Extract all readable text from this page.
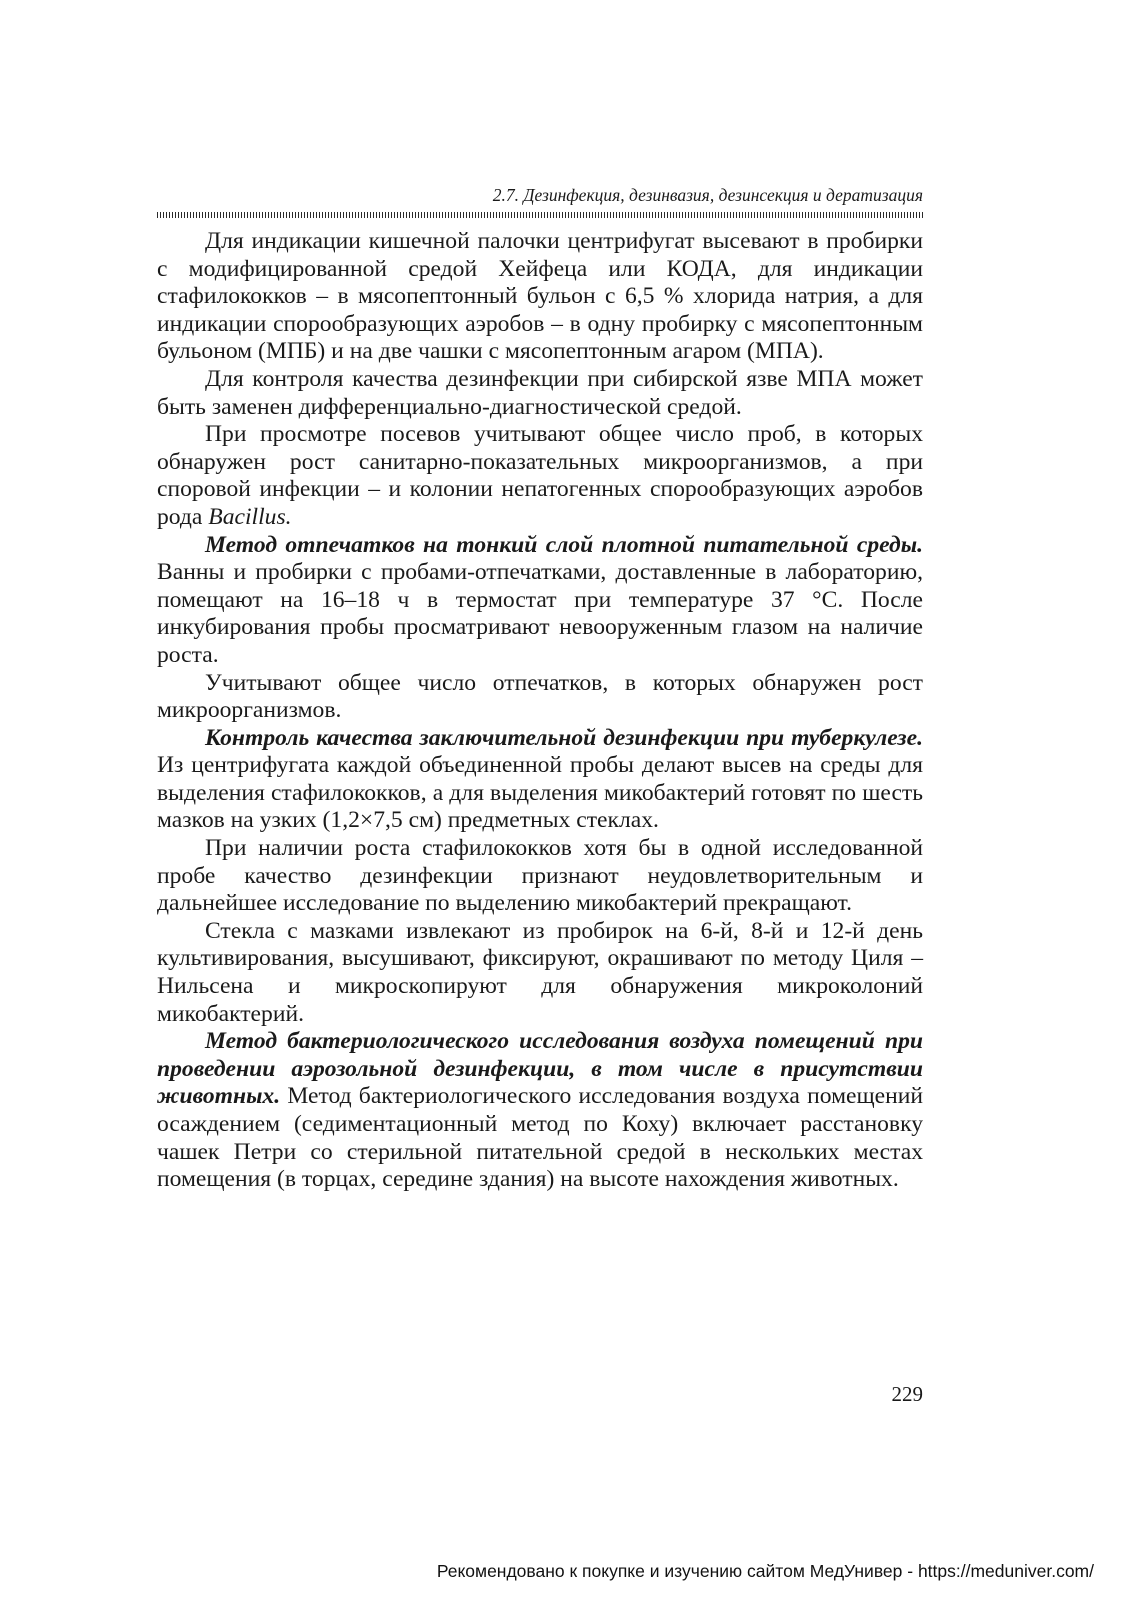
2.7. Дезинфекция, дезинвазия, дезинсекция и дератизация

Для индикации кишечной палочки центрифугат высевают в пробирки с модифицированной средой Хейфеца или КОДА, для индикации стафилококков – в мясопептонный бульон с 6,5 % хлорида натрия, а для индикации спорообразующих аэробов – в одну пробирку с мясопептонным бульоном (МПБ) и на две чашки с мясопептонным агаром (МПА).

Для контроля качества дезинфекции при сибирской язве МПА может быть заменен дифференциально-диагностической средой.

При просмотре посевов учитывают общее число проб, в которых обнаружен рост санитарно-показательных микроорганизмов, а при споровой инфекции – и колонии непатогенных спорообразующих аэробов рода Bacillus.

Метод отпечатков на тонкий слой плотной питательной среды. Ванны и пробирки с пробами-отпечатками, доставленные в лабораторию, помещают на 16–18 ч в термостат при температуре 37 °С. После инкубирования пробы просматривают невооруженным глазом на наличие роста.

Учитывают общее число отпечатков, в которых обнаружен рост микроорганизмов.

Контроль качества заключительной дезинфекции при туберкулезе. Из центрифугата каждой объединенной пробы делают высев на среды для выделения стафилококков, а для выделения микобактерий готовят по шесть мазков на узких (1,2×7,5 см) предметных стеклах.

При наличии роста стафилококков хотя бы в одной исследованной пробе качество дезинфекции признают неудовлетворительным и дальнейшее исследование по выделению микобактерий прекращают.

Стекла с мазками извлекают из пробирок на 6-й, 8-й и 12-й день культивирования, высушивают, фиксируют, окрашивают по методу Циля – Нильсена и микроскопируют для обнаружения микроколоний микобактерий.

Метод бактериологического исследования воздуха помещений при проведении аэрозольной дезинфекции, в том числе в присутствии животных. Метод бактериологического исследования воздуха помещений осаждением (седиментационный метод по Коху) включает расстановку чашек Петри со стерильной питательной средой в нескольких местах помещения (в торцах, середине здания) на высоте нахождения животных.

229
Рекомендовано к покупке и изучению сайтом МедУнивер - https://meduniver.com/
